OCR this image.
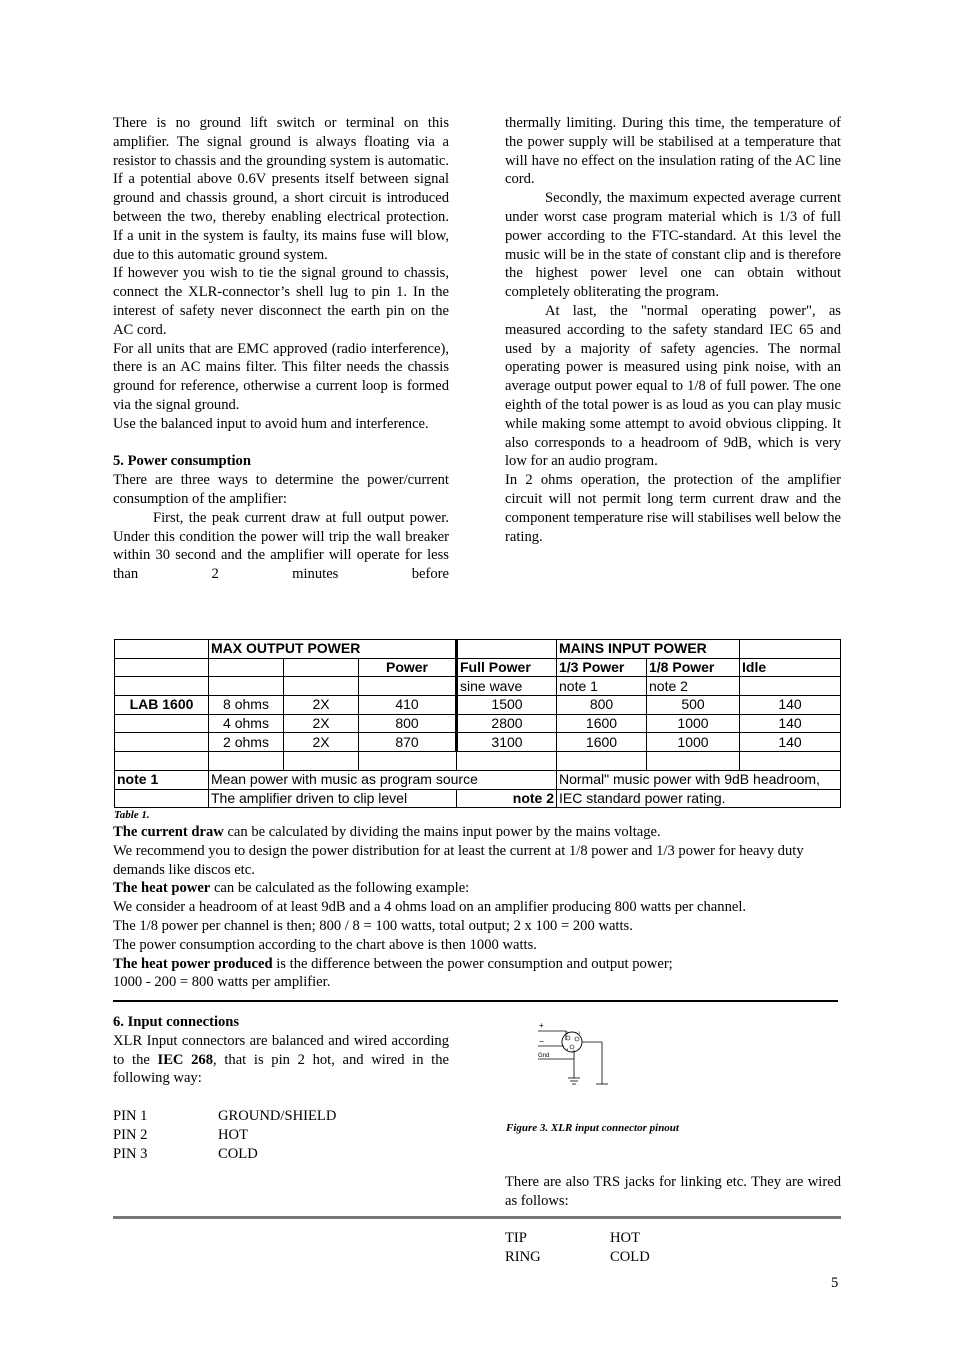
There is no ground lift switch or terminal on this amplifier. The signal ground is always floating via a resistor to chassis and the grounding system is automatic. If a potential above 0.6V presents itself between signal ground and chassis ground, a short circuit is introduced between the two, thereby enabling electrical protection. If a unit in the system is faulty, its mains fuse will blow, due to this automatic ground system.

If however you wish to tie the signal ground to chassis, connect the XLR-connector’s shell lug to pin 1. In the interest of safety never disconnect the earth pin on the AC cord.

For all units that are EMC approved (radio interference), there is an AC mains filter. This filter needs the chassis ground for reference, otherwise a current loop is formed via the signal ground.

Use the balanced input to avoid hum and interference.

5. Power consumption

There are three ways to determine the power/current consumption of the amplifier:

First, the peak current draw at full output power. Under this condition the power will trip the wall breaker within 30 second and the amplifier will operate for less than 2 minutes before

thermally limiting. During this time, the temperature of the power supply will be stabilised at a temperature that will have no effect on the insulation rating of the AC line cord.

Secondly, the maximum expected average current under worst case program material which is 1/3 of full power according to the FTC-standard. At this level the music will be in the state of constant clip and is therefore the highest power level one can obtain without completely obliterating the program.

At last, the "normal operating power", as measured according to the safety standard IEC 65 and used by a majority of safety agencies. The normal operating power is measured using pink noise, with an average output power equal to 1/8 of full power. The one eighth of the total power is as loud as you can play music while making some attempt to avoid obvious clipping. It also corresponds to a headroom of 9dB, which is very low for an audio program.

In 2 ohms operation, the protection of the amplifier circuit will not permit long term current draw and the component temperature rise will stabilises well below the rating.

	MAX OUTPUT POWER				MAINS INPUT POWER		
			Power	Full Power	1/3 Power	1/8 Power	Idle
				sine wave	note 1	note 2	
LAB 1600	8 ohms	2X	410	1500	800	500	140
	4 ohms	2X	800	2800	1600	1000	140
	2 ohms	2X	870	3100	1600	1000	140

note 1	Mean power with music as program source				Normal" music power with 9dB headroom,		
	The amplifier driven to clip level			note 2	IEC standard power rating.		
Table 1.

The current draw can be calculated by dividing the mains input power by the mains voltage.

We recommend you to design the power distribution for at least the current at 1/8 power and 1/3 power for heavy duty demands like discos etc.

The heat power can be calculated as the following example:

We consider a headroom of at least 9dB and a 4 ohms load on an amplifier producing 800 watts per channel.

The 1/8 power per channel is then; 800 / 8 = 100 watts, total output; 2 x 100 = 200 watts.

The power consumption according to the chart above is then 1000 watts.

The heat power produced is the difference between the power consumption and output power;

1000 - 200 = 800 watts per amplifier.

6. Input connections

XLR Input connectors are balanced and wired according to the IEC 268, that is pin 2 hot, and wired in the following way:

PIN 1	GROUND/SHIELD
PIN 2	HOT
PIN 3	COLD
+
−
Gnd
2 1
3
Figure 3. XLR input connector pinout

There are also TRS jacks for linking etc. They are wired as follows:

TIP	HOT
RING	COLD
5
